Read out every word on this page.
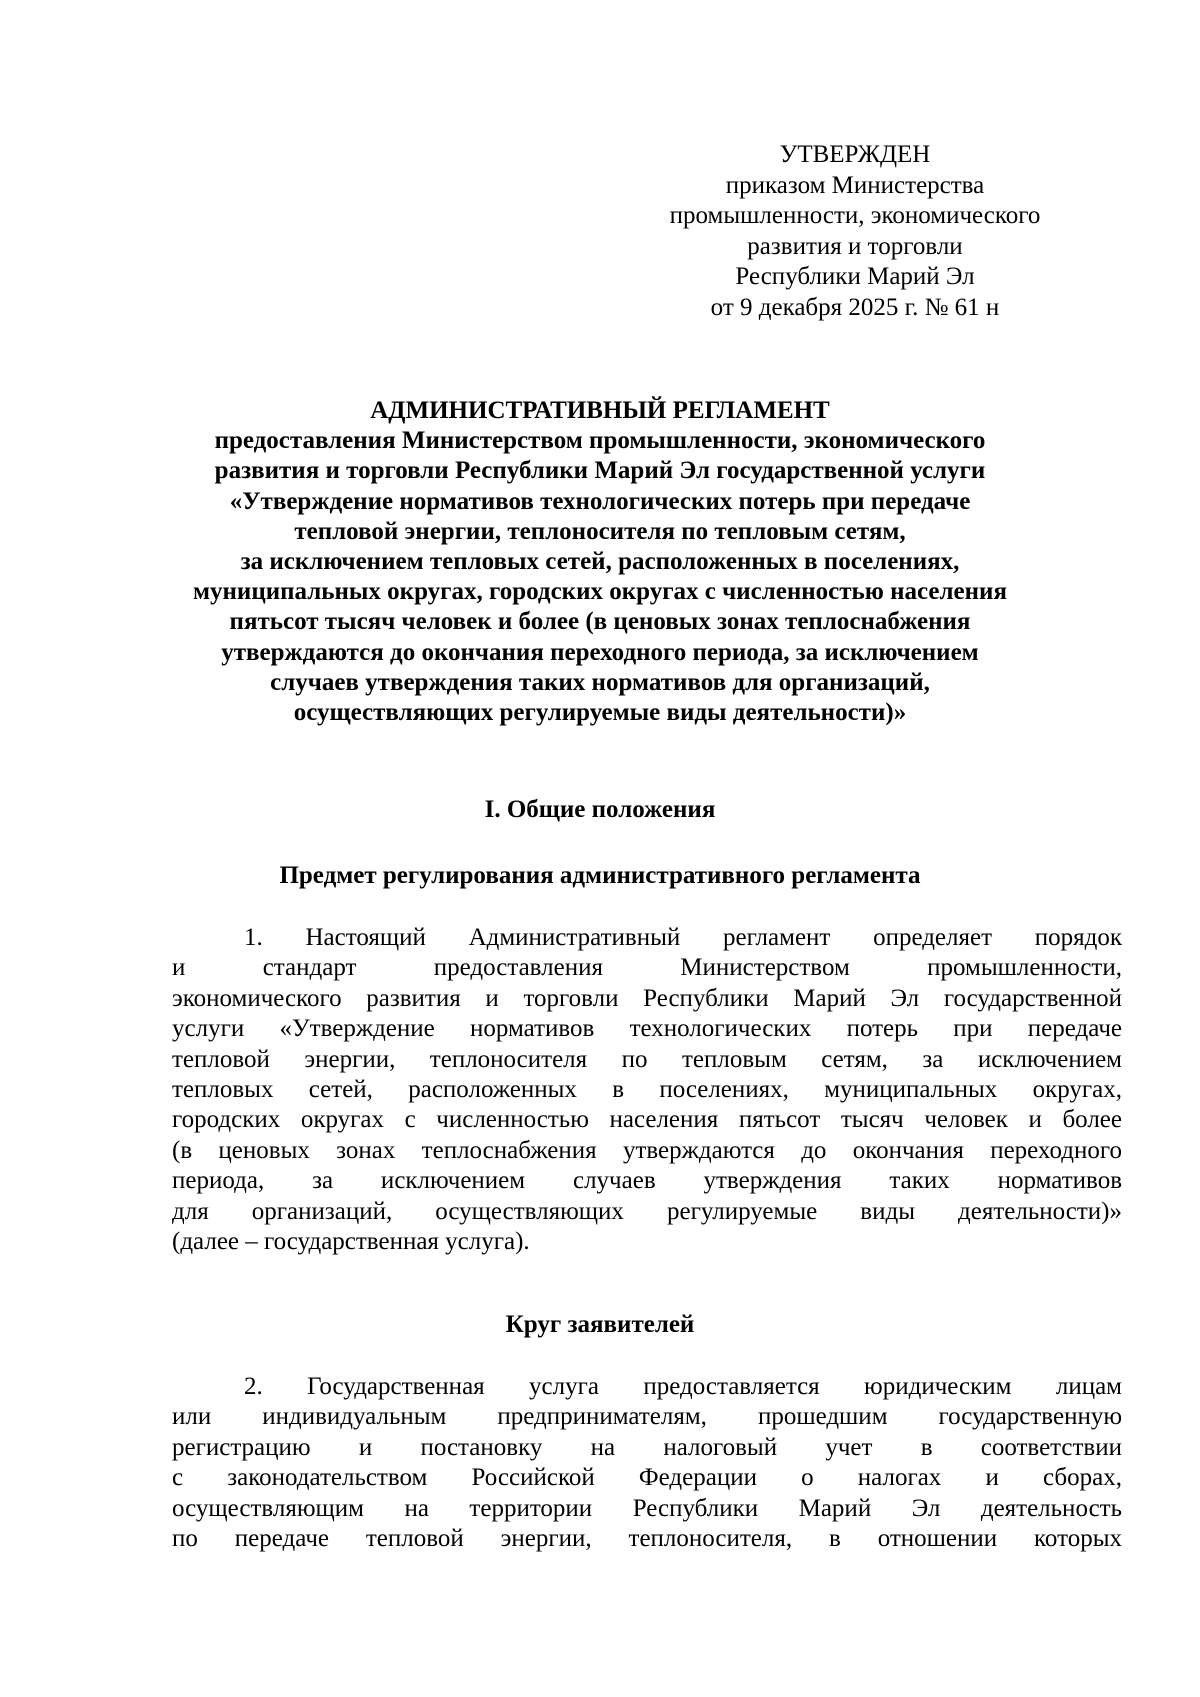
УТВЕРЖДЕН
приказом Министерства
промышленности, экономического
развития и торговли
Республики Марий Эл
от 9 декабря 2025 г. № 61 н
АДМИНИСТРАТИВНЫЙ РЕГЛАМЕНТ
предоставления Министерством промышленности, экономического
развития и торговли Республики Марий Эл государственной услуги
«Утверждение нормативов технологических потерь при передаче
тепловой энергии, теплоносителя по тепловым сетям,
за исключением тепловых сетей, расположенных в поселениях,
муниципальных округах, городских округах с численностью населения
пятьсот тысяч человек и более (в ценовых зонах теплоснабжения
утверждаются до окончания переходного периода, за исключением
случаев утверждения таких нормативов для организаций,
осуществляющих регулируемые виды деятельности)»
I. Общие положения
Предмет регулирования административного регламента
1. Настоящий Административный регламент определяет порядок
и стандарт предоставления Министерством промышленности,
экономического развития и торговли Республики Марий Эл государственной
услуги «Утверждение нормативов технологических потерь при передаче
тепловой энергии, теплоносителя по тепловым сетям, за исключением
тепловых сетей, расположенных в поселениях, муниципальных округах,
городских округах с численностью населения пятьсот тысяч человек и более
(в ценовых зонах теплоснабжения утверждаются до окончания переходного
периода, за исключением случаев утверждения таких нормативов
для организаций, осуществляющих регулируемые виды деятельности)»
(далее – государственная услуга).
Круг заявителей
2. Государственная услуга предоставляется юридическим лицам
или индивидуальным предпринимателям, прошедшим государственную
регистрацию и постановку на налоговый учет в соответствии
с законодательством Российской Федерации о налогах и сборах,
осуществляющим на территории Республики Марий Эл деятельность
по передаче тепловой энергии, теплоносителя, в отношении которых
